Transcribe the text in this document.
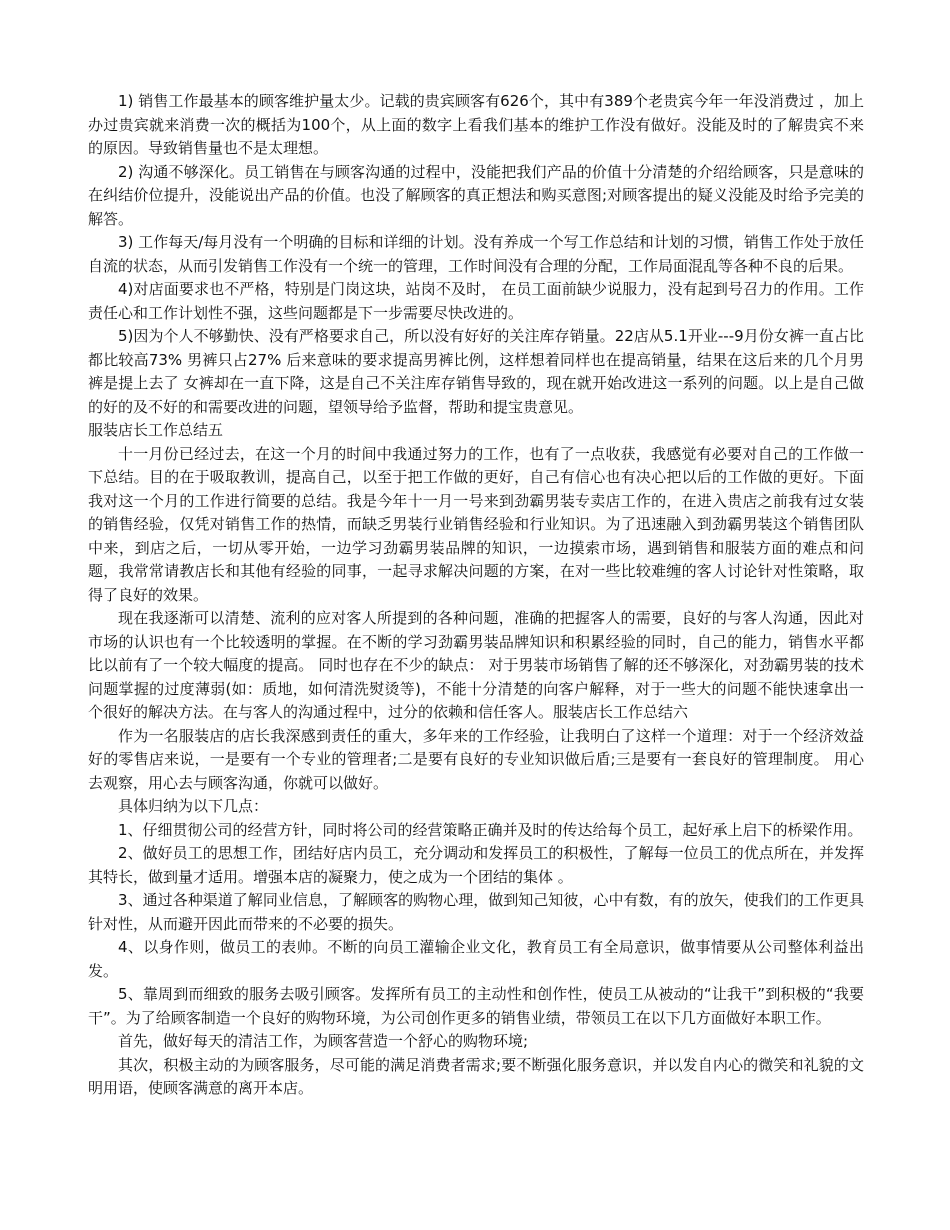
1) 销售工作最基本的顾客维护量太少。记载的贵宾顾客有626个，其中有389个老贵宾今年一年没消费过 ，加上办过贵宾就来消费一次的概括为100个，从上面的数字上看我们基本的维护工作没有做好。没能及时的了解贵宾不来的原因。导致销售量也不是太理想。

2) 沟通不够深化。员工销售在与顾客沟通的过程中，没能把我们产品的价值十分清楚的介绍给顾客，只是意味的在纠结价位提升，没能说出产品的价值。也没了解顾客的真正想法和购买意图;对顾客提出的疑义没能及时给予完美的解答。

3) 工作每天/每月没有一个明确的目标和详细的计划。没有养成一个写工作总结和计划的习惯，销售工作处于放任自流的状态，从而引发销售工作没有一个统一的管理，工作时间没有合理的分配，工作局面混乱等各种不良的后果。

4)对店面要求也不严格，特别是门岗这块，站岗不及时， 在员工面前缺少说服力，没有起到号召力的作用。工作责任心和工作计划性不强，这些问题都是下一步需要尽快改进的。

5)因为个人不够勤快、没有严格要求自己，所以没有好好的关注库存销量。22店从5.1开业---9月份女裤一直占比都比较高73% 男裤只占27% 后来意味的要求提高男裤比例，这样想着同样也在提高销量，结果在这后来的几个月男裤是提上去了 女裤却在一直下降，这是自己不关注库存销售导致的，现在就开始改进这一系列的问题。以上是自己做的好的及不好的和需要改进的问题，望领导给予监督，帮助和提宝贵意见。

服装店长工作总结五

十一月份已经过去，在这一个月的时间中我通过努力的工作，也有了一点收获，我感觉有必要对自己的工作做一下总结。目的在于吸取教训，提高自己，以至于把工作做的更好，自己有信心也有决心把以后的工作做的更好。下面我对这一个月的工作进行简要的总结。我是今年十一月一号来到劲霸男装专卖店工作的，在进入贵店之前我有过女装的销售经验，仅凭对销售工作的热情，而缺乏男装行业销售经验和行业知识。为了迅速融入到劲霸男装这个销售团队中来，到店之后，一切从零开始，一边学习劲霸男装品牌的知识，一边摸索市场，遇到销售和服装方面的难点和问题，我常常请教店长和其他有经验的同事，一起寻求解决问题的方案，在对一些比较难缠的客人讨论针对性策略，取得了良好的效果。

现在我逐渐可以清楚、流利的应对客人所提到的各种问题，准确的把握客人的需要，良好的与客人沟通，因此对市场的认识也有一个比较透明的掌握。在不断的学习劲霸男装品牌知识和积累经验的同时，自己的能力，销售水平都比以前有了一个较大幅度的提高。 同时也存在不少的缺点： 对于男装市场销售了解的还不够深化，对劲霸男装的技术问题掌握的过度薄弱(如：质地，如何清洗熨烫等)，不能十分清楚的向客户解释，对于一些大的问题不能快速拿出一个很好的解决方法。在与客人的沟通过程中，过分的依赖和信任客人。服装店长工作总结六

作为一名服装店的店长我深感到责任的重大，多年来的工作经验，让我明白了这样一个道理：对于一个经济效益好的零售店来说，一是要有一个专业的管理者;二是要有良好的专业知识做后盾;三是要有一套良好的管理制度。 用心去观察，用心去与顾客沟通，你就可以做好。

具体归纳为以下几点：

1、仔细贯彻公司的经营方针，同时将公司的经营策略正确并及时的传达给每个员工，起好承上启下的桥梁作用。

2、做好员工的思想工作，团结好店内员工，充分调动和发挥员工的积极性，了解每一位员工的优点所在，并发挥其特长，做到量才适用。增强本店的凝聚力，使之成为一个团结的集体 。

3、通过各种渠道了解同业信息，了解顾客的购物心理，做到知己知彼，心中有数，有的放矢，使我们的工作更具针对性，从而避开因此而带来的不必要的损失。

4、以身作则，做员工的表帅。不断的向员工灌输企业文化，教育员工有全局意识，做事情要从公司整体利益出发。

5、靠周到而细致的服务去吸引顾客。发挥所有员工的主动性和创作性，使员工从被动的“让我干”到积极的“我要干”。为了给顾客制造一个良好的购物环境，为公司创作更多的销售业绩，带领员工在以下几方面做好本职工作。

首先，做好每天的清洁工作，为顾客营造一个舒心的购物环境;

其次，积极主动的为顾客服务，尽可能的满足消费者需求;要不断强化服务意识，并以发自内心的微笑和礼貌的文明用语，使顾客满意的离开本店。
